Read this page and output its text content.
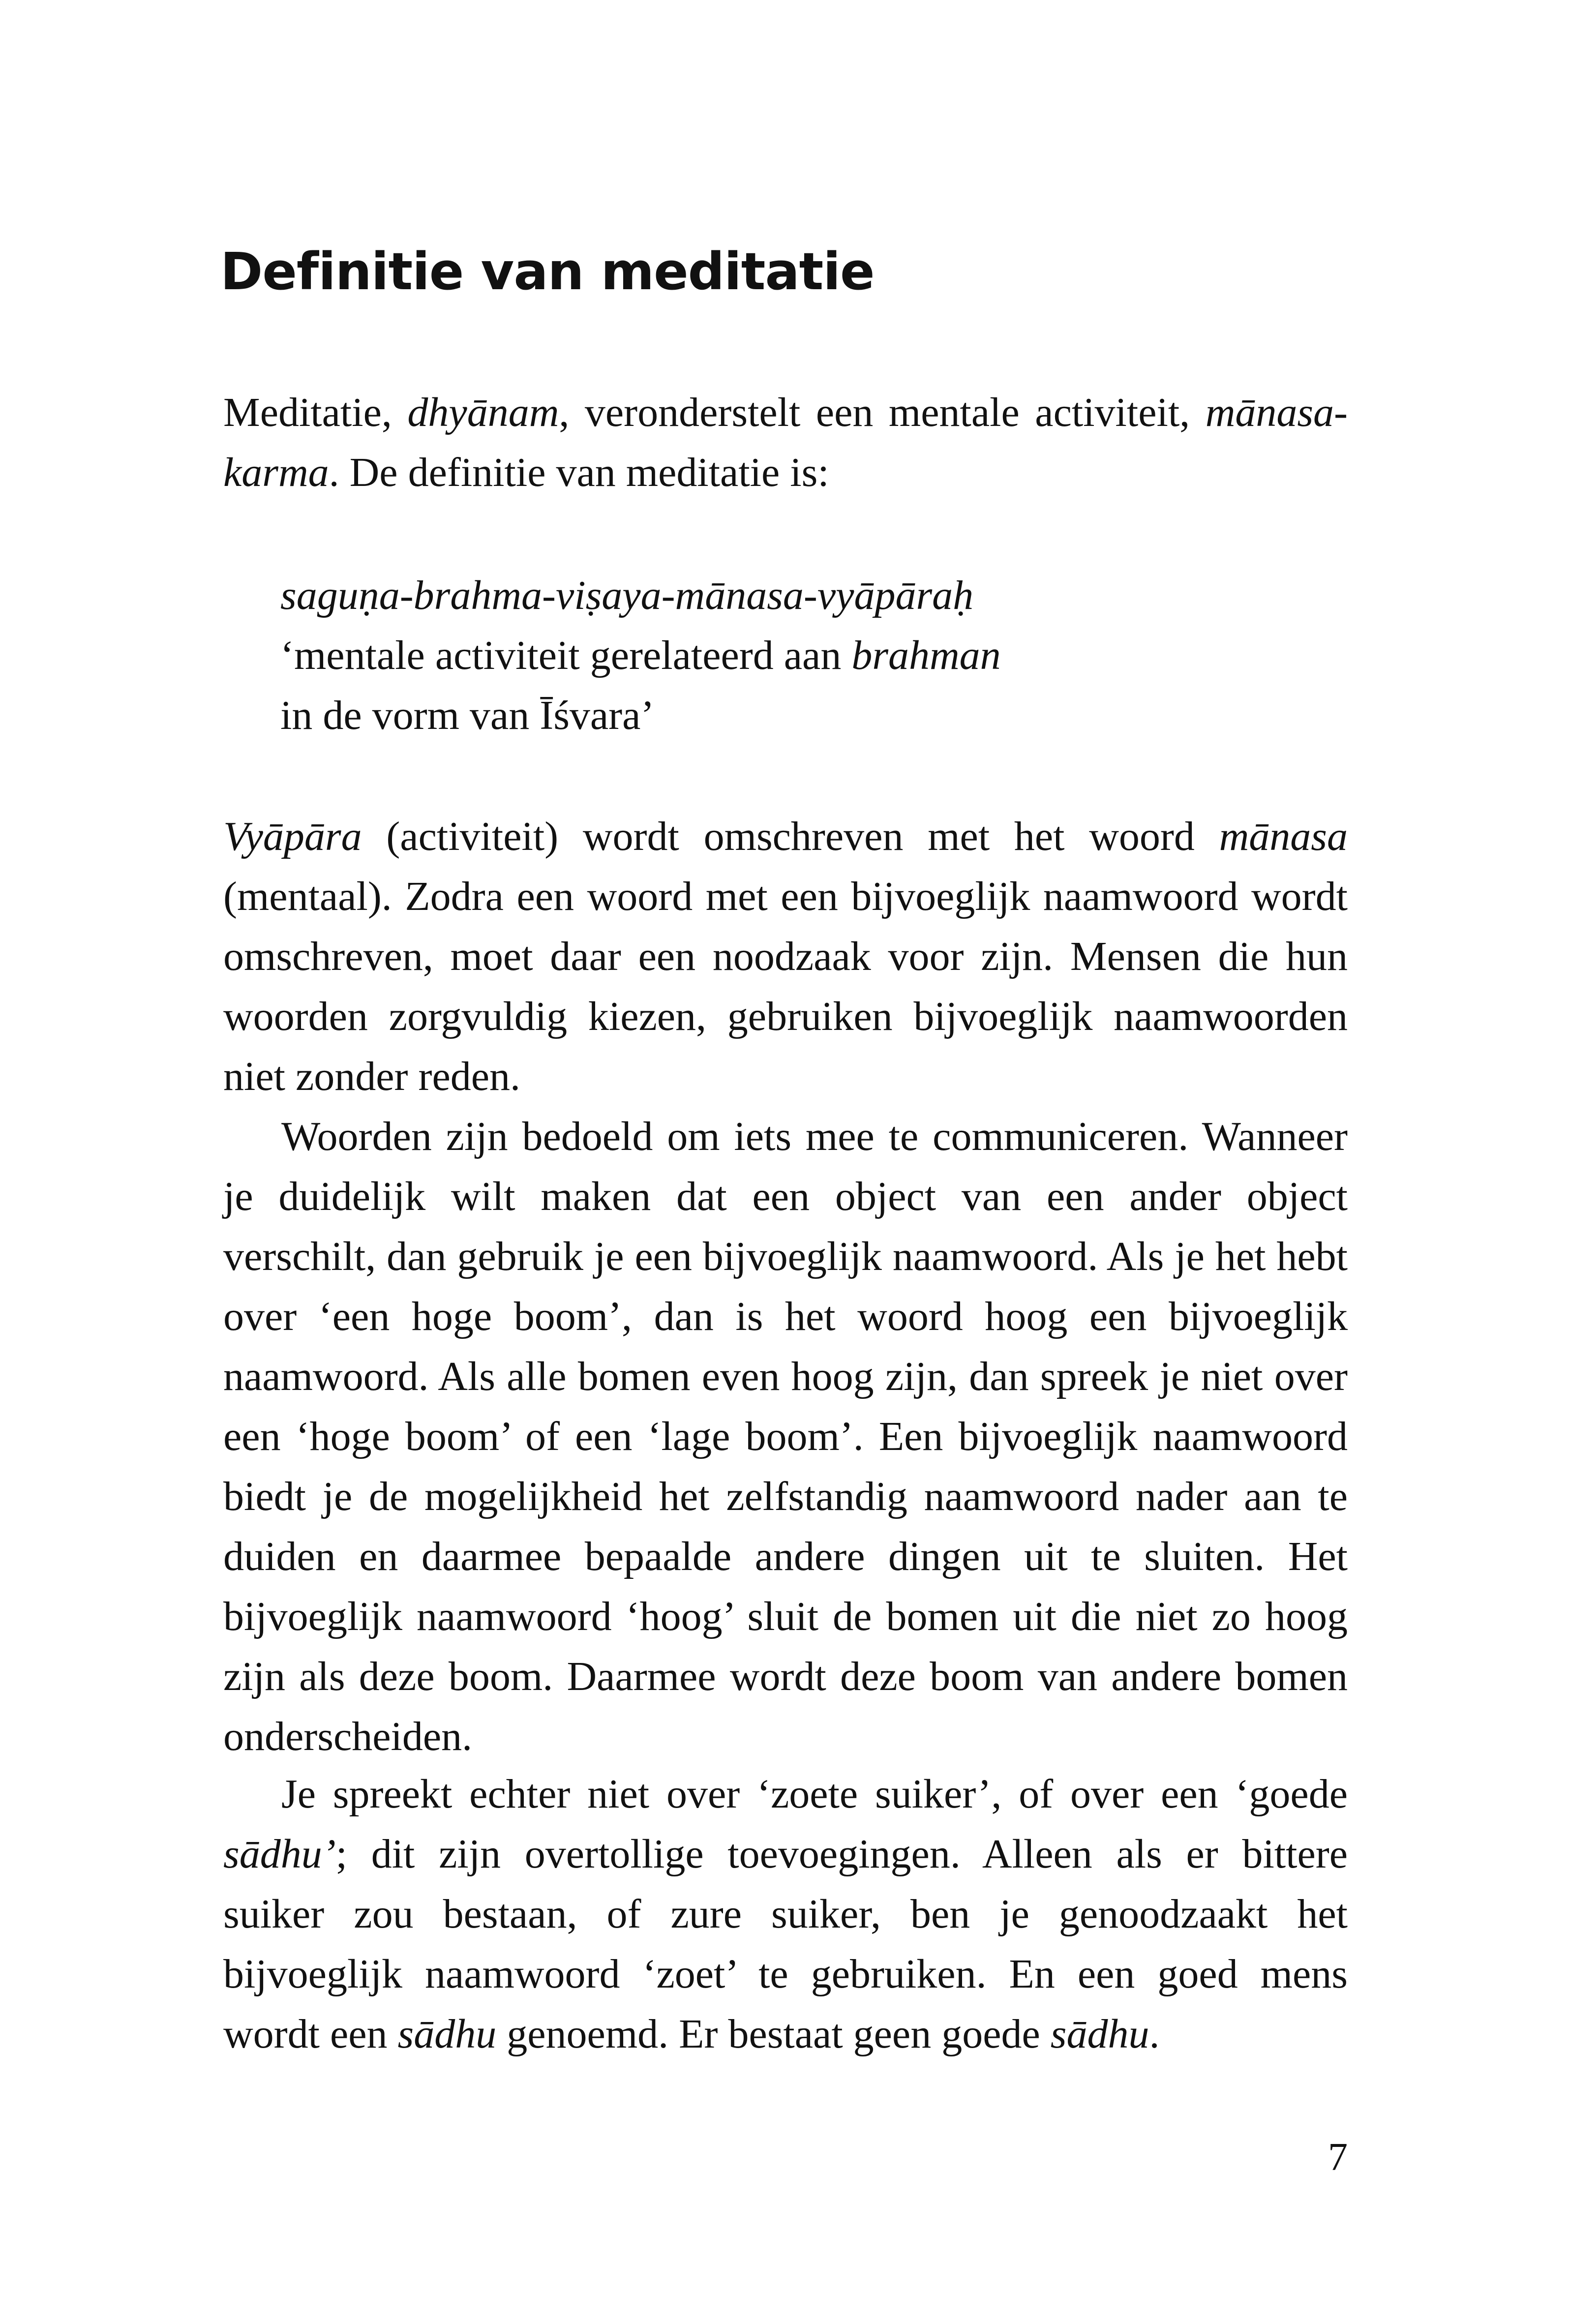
Definitie van meditatie

Meditatie, dhyānam, veronderstelt een mentale activiteit, mānasa-karma. De definitie van meditatie is:

saguṇa-brahma-viṣaya-mānasa-vyāpāraḥ
‘mentale activiteit gerelateerd aan brahman
in de vorm van Īśvara’

Vyāpāra (activiteit) wordt omschreven met het woord mānasa (mentaal). Zodra een woord met een bijvoeglijk naamwoord wordt omschreven, moet daar een noodzaak voor zijn. Mensen die hun woorden zorgvuldig kiezen, gebruiken bijvoeglijk naamwoorden niet zonder reden.

Woorden zijn bedoeld om iets mee te communiceren. Wanneer je duidelijk wilt maken dat een object van een ander object verschilt, dan gebruik je een bijvoeglijk naamwoord. Als je het hebt over ‘een hoge boom’, dan is het woord hoog een bijvoeglijk naamwoord. Als alle bomen even hoog zijn, dan spreek je niet over een ‘hoge boom’ of een ‘lage boom’. Een bijvoeglijk naamwoord biedt je de mogelijkheid het zelfstandig naamwoord nader aan te duiden en daarmee bepaalde andere dingen uit te sluiten. Het bijvoeglijk naamwoord ‘hoog’ sluit de bomen uit die niet zo hoog zijn als deze boom. Daarmee wordt deze boom van andere bomen onderscheiden.

Je spreekt echter niet over ‘zoete suiker’, of over een ‘goede sādhu’; dit zijn overtollige toevoegingen. Alleen als er bittere suiker zou bestaan, of zure suiker, ben je genoodzaakt het bijvoeglijk naamwoord ‘zoet’ te gebruiken. En een goed mens wordt een sādhu genoemd. Er bestaat geen goede sādhu.

7
